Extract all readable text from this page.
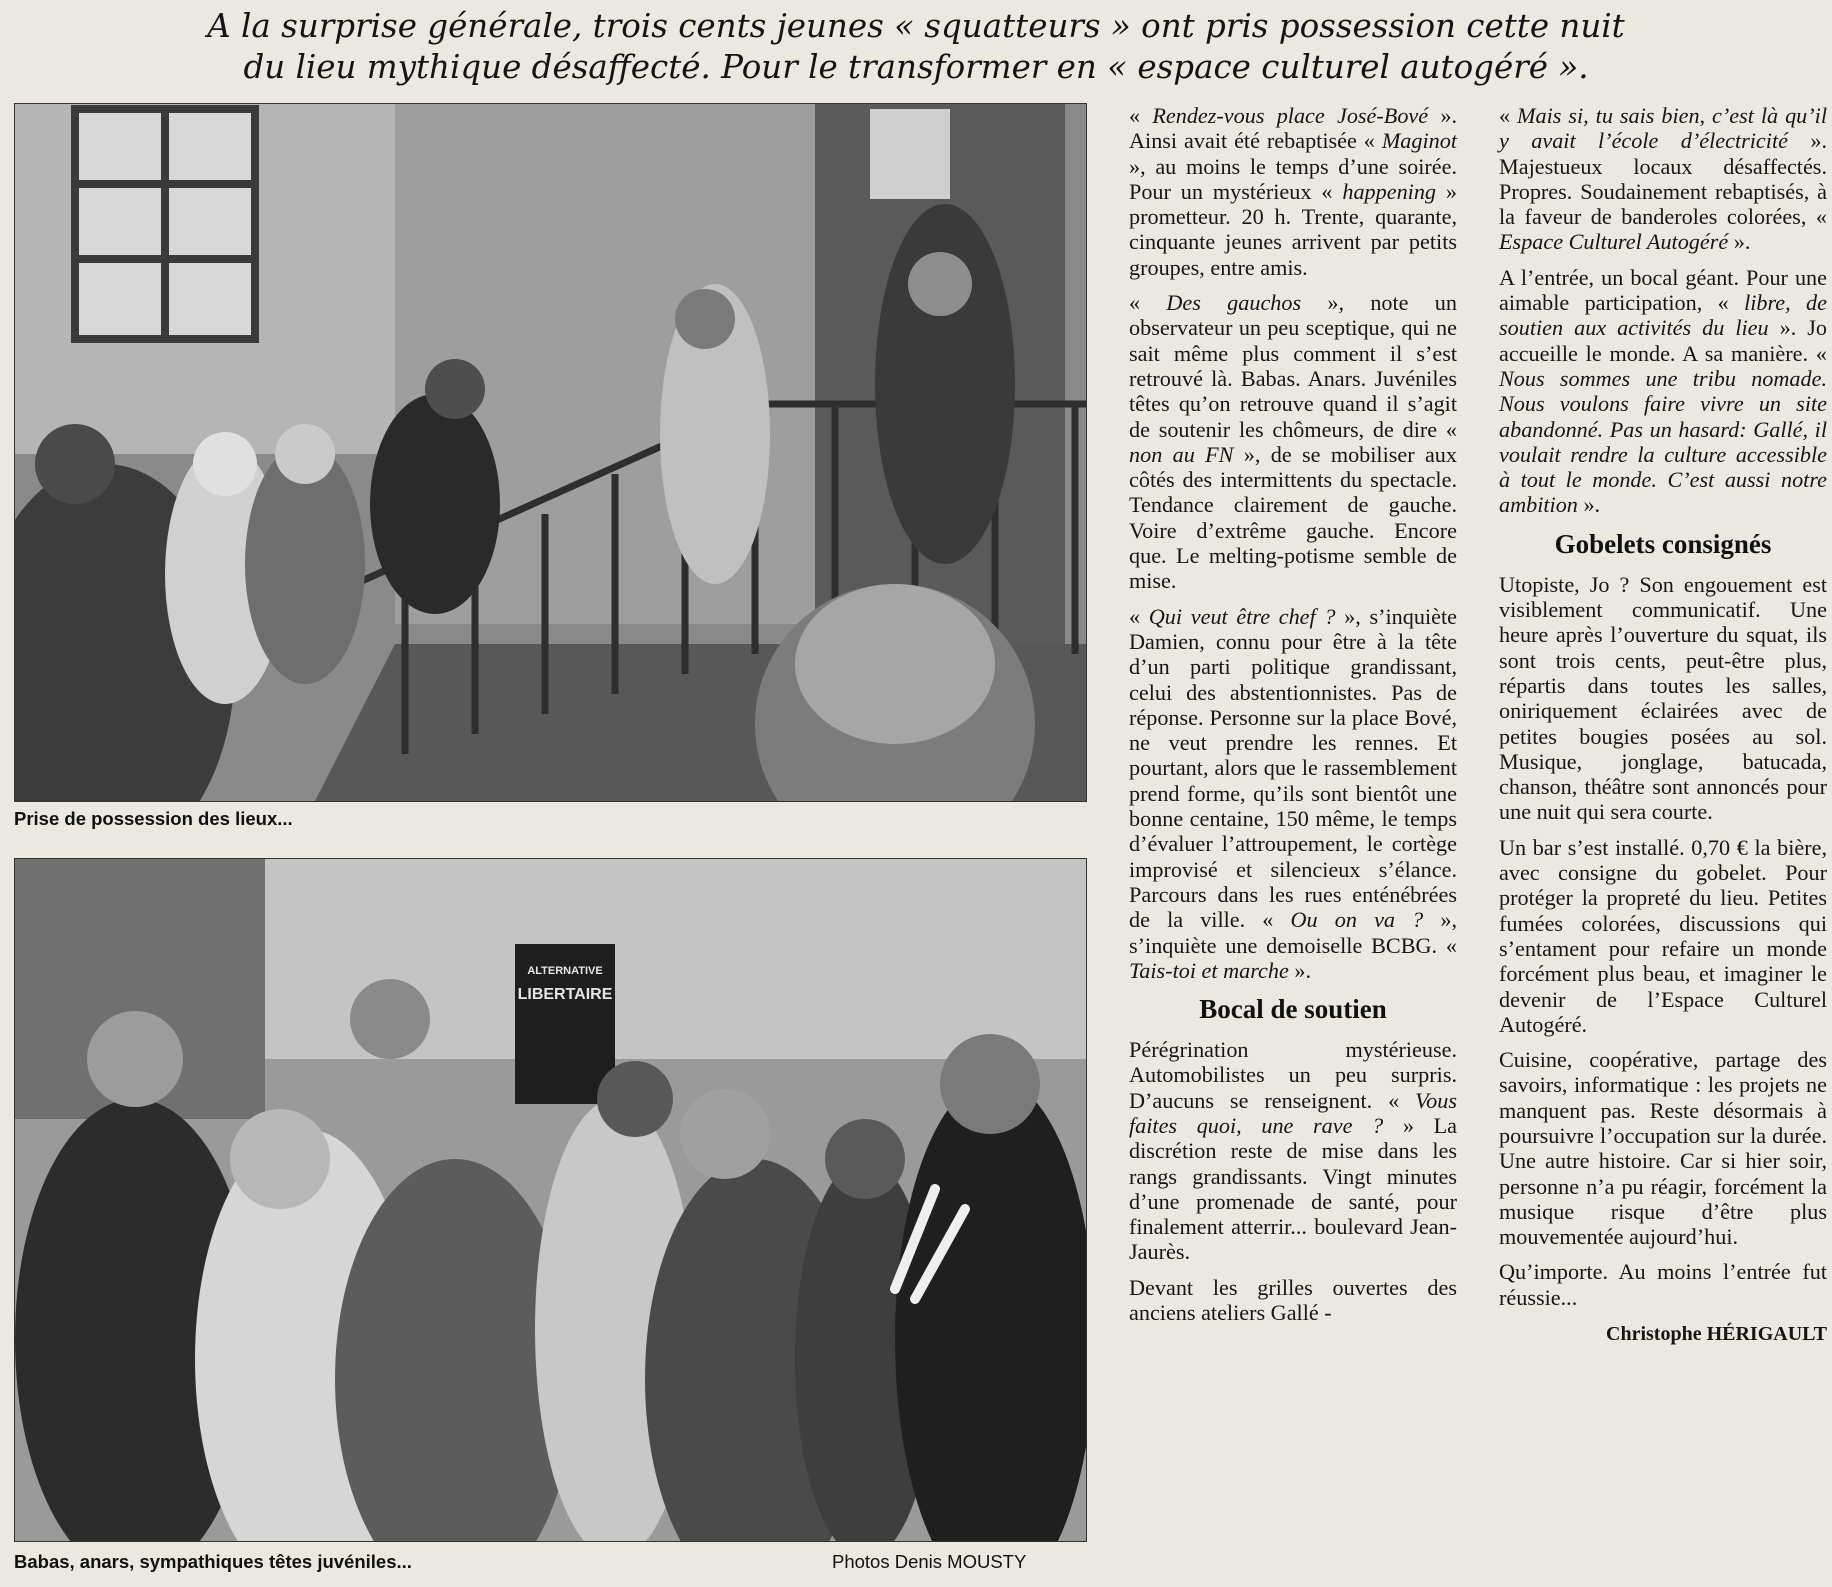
A la surprise générale, trois cents jeunes « squatteurs » ont pris possession cette nuit
du lieu mythique désaffecté. Pour le transformer en « espace culturel autogéré ».
Prise de possession des lieux...
ALTERNATIVE
LIBERTAIRE
Babas, anars, sympathiques têtes juvéniles...	Photos Denis MOUSTY

« Rendez-vous place José-Bové ». Ainsi avait été rebaptisée « Maginot », au moins le temps d’une soirée. Pour un mystérieux « happening » prometteur. 20 h. Trente, quarante, cinquante jeunes arrivent par petits groupes, entre amis.

« Des gauchos », note un observateur un peu sceptique, qui ne sait même plus comment il s’est retrouvé là. Babas. Anars. Juvéniles têtes qu’on retrouve quand il s’agit de soutenir les chômeurs, de dire « non au FN », de se mobiliser aux côtés des intermittents du spectacle. Tendance clairement de gauche. Voire d’extrême gauche. Encore que. Le melting-potisme semble de mise.

« Qui veut être chef ? », s’inquiète Damien, connu pour être à la tête d’un parti politique grandissant, celui des abstentionnistes. Pas de réponse. Personne sur la place Bové, ne veut prendre les rennes. Et pourtant, alors que le rassemblement prend forme, qu’ils sont bientôt une bonne centaine, 150 même, le temps d’évaluer l’attroupement, le cortège improvisé et silencieux s’élance. Parcours dans les rues enténébrées de la ville. « Ou on va ? », s’inquiète une demoiselle BCBG. « Tais-toi et marche ».

Bocal de soutien

Pérégrination mystérieuse. Automobilistes un peu surpris. D’aucuns se renseignent. « Vous faites quoi, une rave ? » La discrétion reste de mise dans les rangs grandissants. Vingt minutes d’une promenade de santé, pour finalement atterrir... boulevard Jean-Jaurès.

Devant les grilles ouvertes des anciens ateliers Gallé -

« Mais si, tu sais bien, c’est là qu’il y avait l’école d’électricité ». Majestueux locaux désaffectés. Propres. Soudainement rebaptisés, à la faveur de banderoles colorées, « Espace Culturel Autogéré ».

A l’entrée, un bocal géant. Pour une aimable participation, « libre, de soutien aux activités du lieu ». Jo accueille le monde. A sa manière. « Nous sommes une tribu nomade. Nous voulons faire vivre un site abandonné. Pas un hasard: Gallé, il voulait rendre la culture accessible à tout le monde. C’est aussi notre ambition ».

Gobelets consignés

Utopiste, Jo ? Son engouement est visiblement communicatif. Une heure après l’ouverture du squat, ils sont trois cents, peut-être plus, répartis dans toutes les salles, oniriquement éclairées avec de petites bougies posées au sol. Musique, jonglage, batucada, chanson, théâtre sont annoncés pour une nuit qui sera courte.

Un bar s’est installé. 0,70 € la bière, avec consigne du gobelet. Pour protéger la propreté du lieu. Petites fumées colorées, discussions qui s’entament pour refaire un monde forcément plus beau, et imaginer le devenir de l’Espace Culturel Autogéré.

Cuisine, coopérative, partage des savoirs, informatique : les projets ne manquent pas. Reste désormais à poursuivre l’occupation sur la durée. Une autre histoire. Car si hier soir, personne n’a pu réagir, forcément la musique risque d’être plus mouvementée aujourd’hui.

Qu’importe. Au moins l’entrée fut réussie...

Christophe HÉRIGAULT
